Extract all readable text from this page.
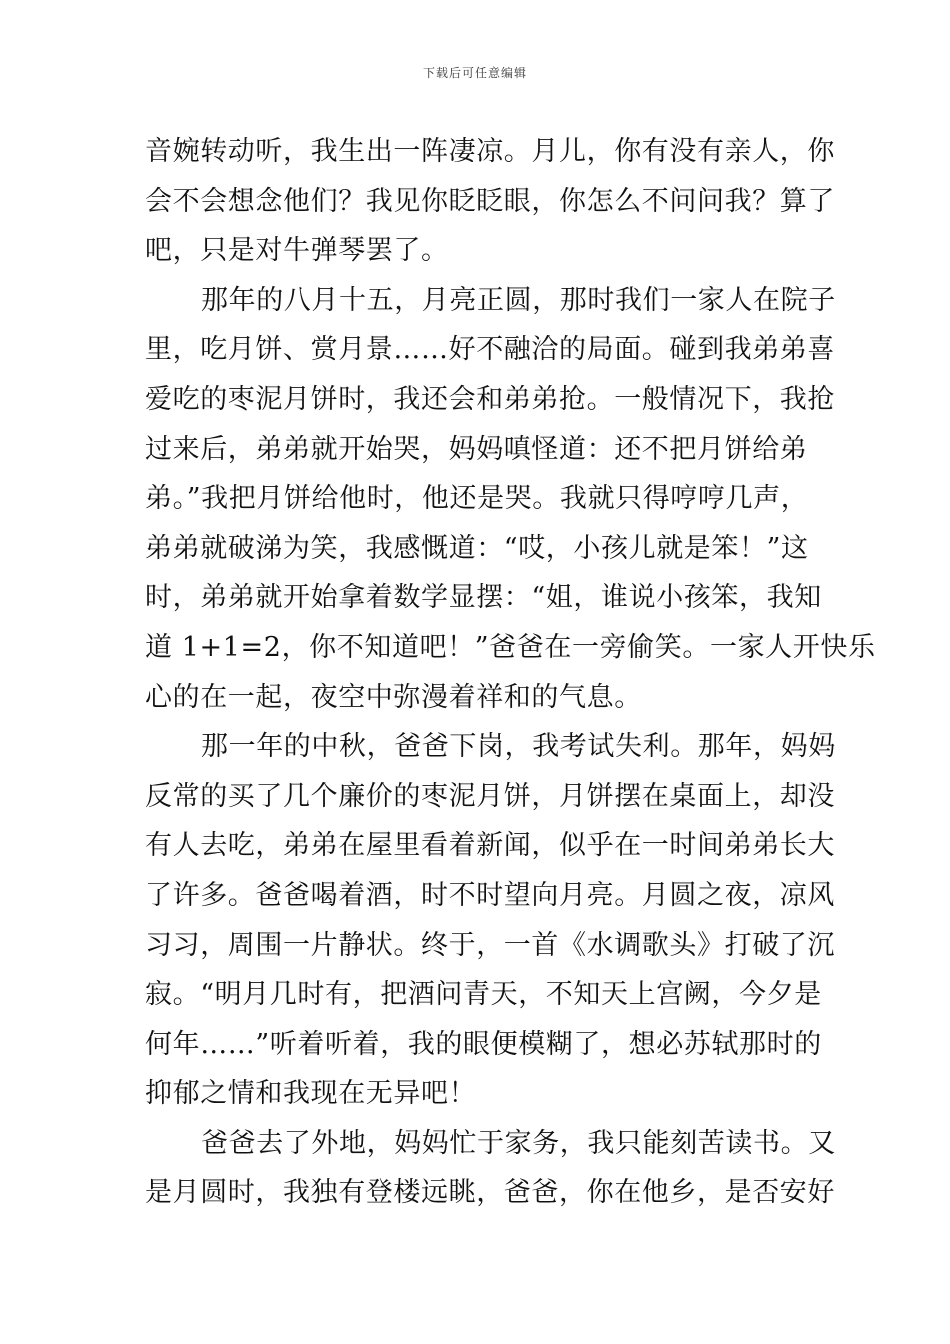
下载后可任意编辑
音婉转动听，我生出一阵凄凉。月儿，你有没有亲人，你
会不会想念他们？我见你眨眨眼，你怎么不问问我？算了
吧，只是对牛弹琴罢了。
那年的八月十五，月亮正圆，那时我们一家人在院子
里，吃月饼、赏月景……好不融洽的局面。碰到我弟弟喜
爱吃的枣泥月饼时，我还会和弟弟抢。一般情况下，我抢
过来后，弟弟就开始哭，妈妈嗔怪道：还不把月饼给弟
弟。”我把月饼给他时，他还是哭。我就只得哼哼几声，
弟弟就破涕为笑，我感慨道：“哎，小孩儿就是笨！”这
时，弟弟就开始拿着数学显摆：“姐，谁说小孩笨，我知
道 1+1=2，你不知道吧！”爸爸在一旁偷笑。一家人开快乐
心的在一起，夜空中弥漫着祥和的气息。
那一年的中秋，爸爸下岗，我考试失利。那年，妈妈
反常的买了几个廉价的枣泥月饼，月饼摆在桌面上，却没
有人去吃，弟弟在屋里看着新闻，似乎在一时间弟弟长大
了许多。爸爸喝着酒，时不时望向月亮。月圆之夜，凉风
习习，周围一片静状。终于，一首《水调歌头》打破了沉
寂。“明月几时有，把酒问青天，不知天上宫阙，今夕是
何年……”听着听着，我的眼便模糊了，想必苏轼那时的
抑郁之情和我现在无异吧！
爸爸去了外地，妈妈忙于家务，我只能刻苦读书。又
是月圆时，我独有登楼远眺，爸爸，你在他乡，是否安好
